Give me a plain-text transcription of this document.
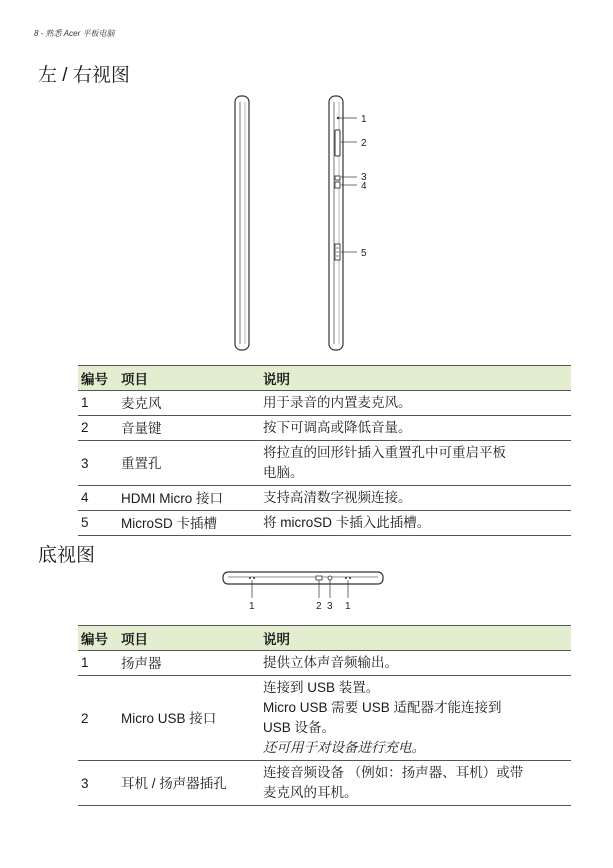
8 - 熟悉 Acer 平板电脑
左 / 右视图
1
2
3
4
5
编号	项目	说明
1	麦克风	用于录音的内置麦克风。

2	音量键	按下可调高或降低音量。

3	重置孔	将拉直的回形针插入重置孔中可重启平板
电脑。

4	HDMI Micro 接口	支持高清数字视频连接。

5	MicroSD 卡插槽	将 microSD 卡插入此插槽。
底视图
1	2 3 1
编号	项目	说明
1	扬声器	提供立体声音频输出。

2	Micro USB 接口	连接到 USB 装置。
Micro USB 需要 USB 适配器才能连接到
USB 设备。
还可用于对设备进行充电。

3	耳机 / 扬声器插孔	连接音频设备 （例如：扬声器、耳机）或带
麦克风的耳机。
